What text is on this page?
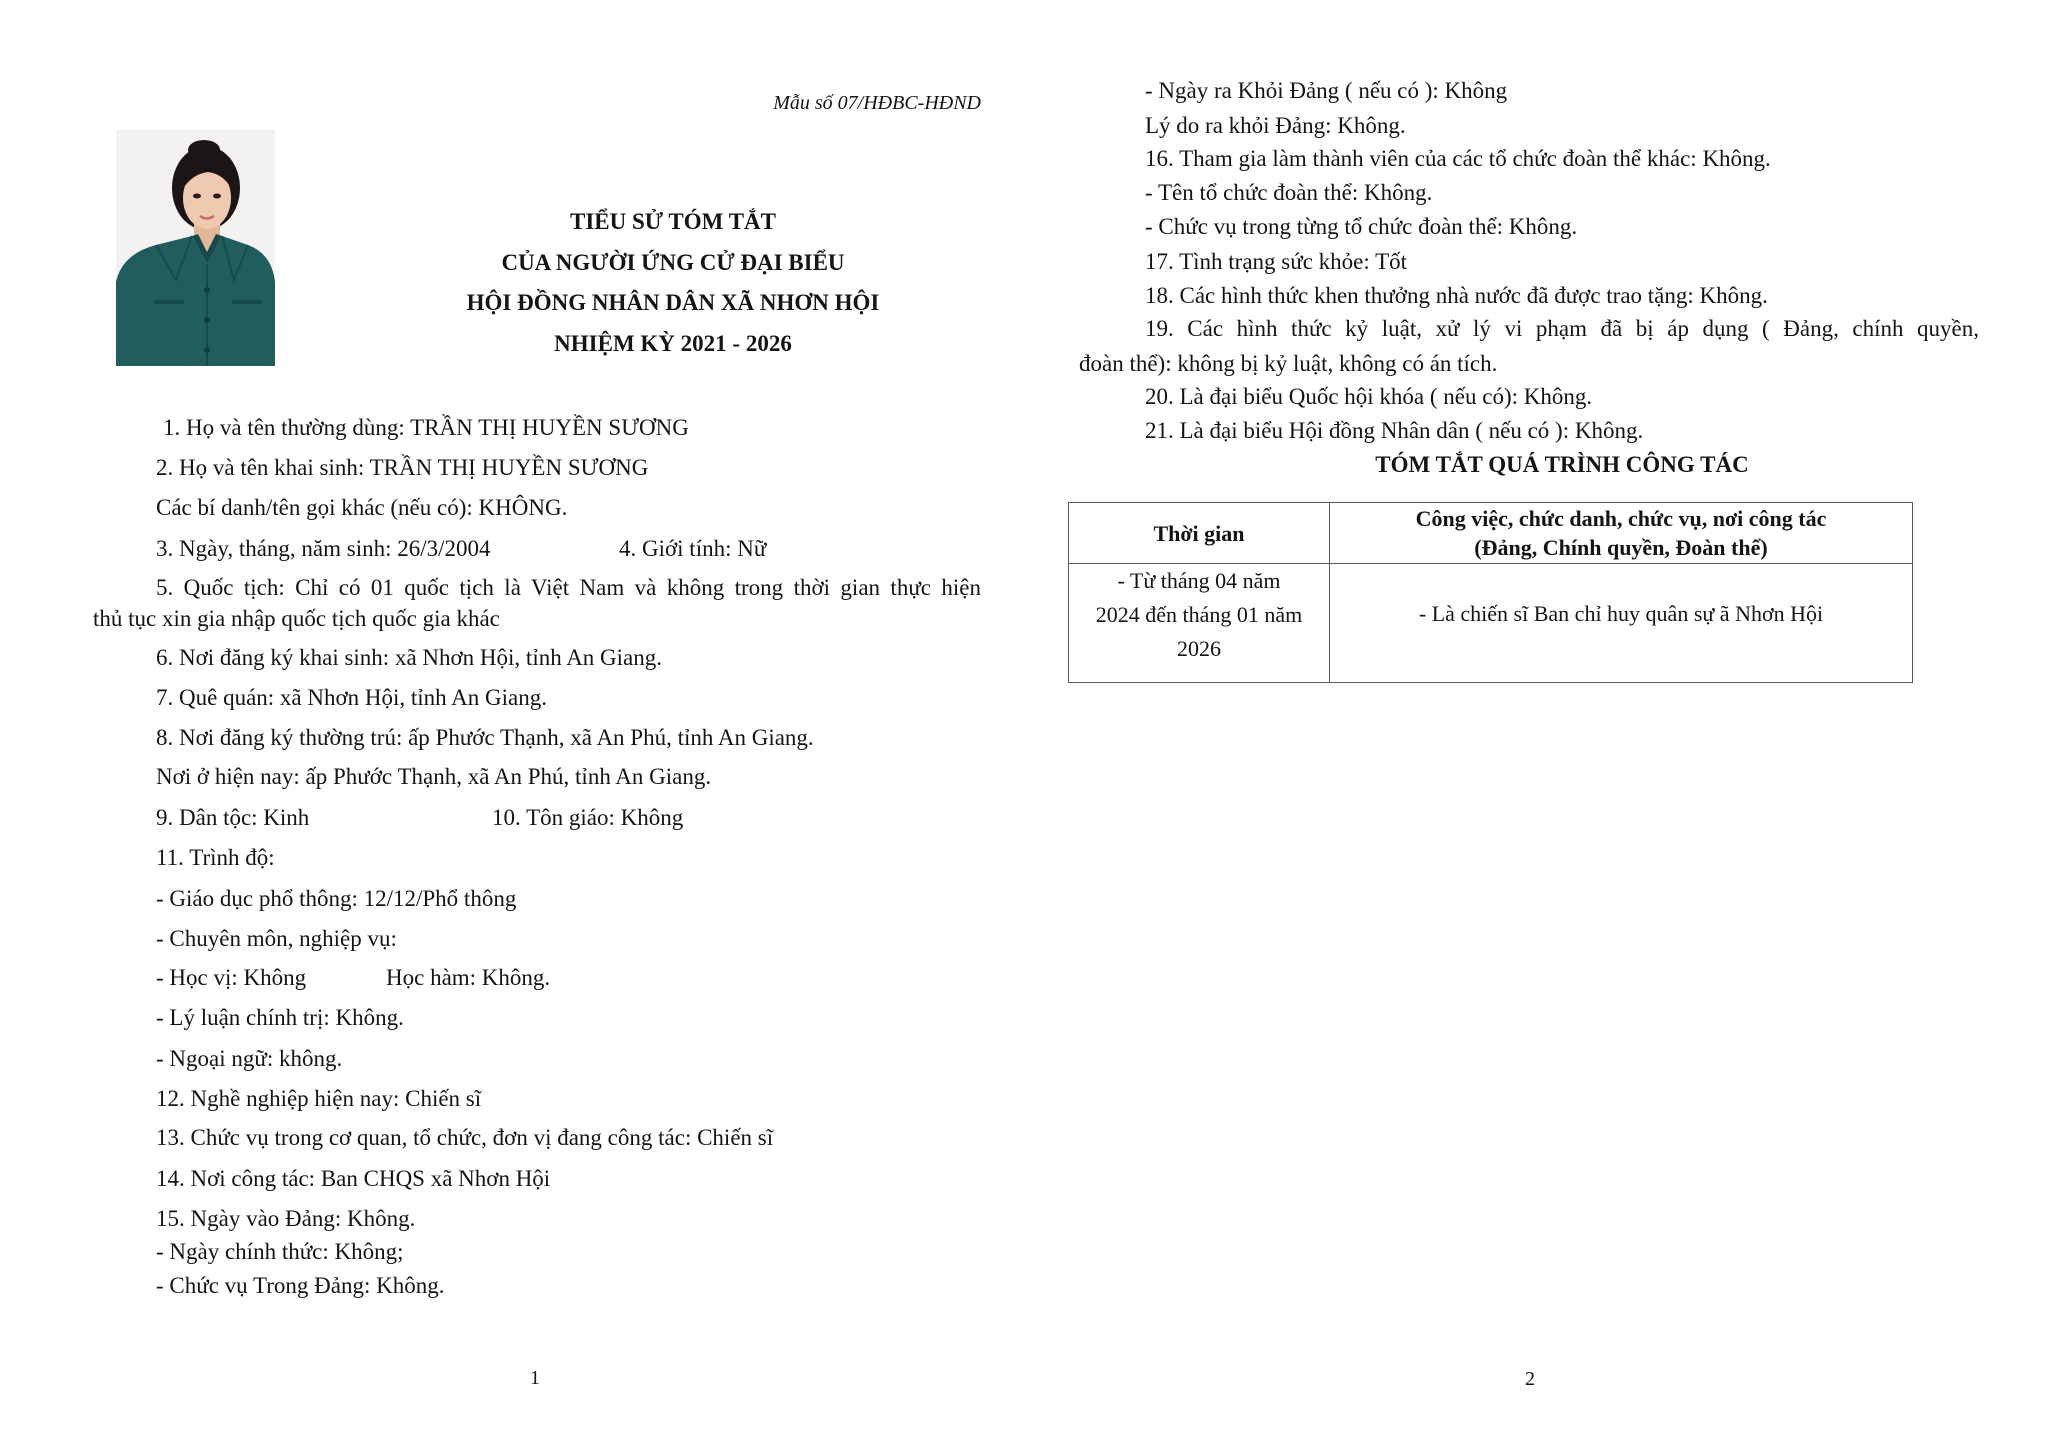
Mẫu số 07/HĐBC-HĐND
TIỂU SỬ TÓM TẮT
CỦA NGƯỜI ỨNG CỬ ĐẠI BIỂU
HỘI ĐỒNG NHÂN DÂN XÃ NHƠN HỘI
NHIỆM KỲ 2021 - 2026
1. Họ và tên thường dùng: TRẦN THỊ HUYỀN SƯƠNG
2. Họ và tên khai sinh: TRẦN THỊ HUYỀN SƯƠNG
Các bí danh/tên gọi khác (nếu có): KHÔNG.
3. Ngày, tháng, năm sinh: 26/3/2004	4. Giới tính: Nữ
5. Quốc tịch: Chỉ có 01 quốc tịch là Việt Nam và không trong thời gian thực hiện
thủ tục xin gia nhập quốc tịch quốc gia khác
6. Nơi đăng ký khai sinh: xã Nhơn Hội, tỉnh An Giang.
7. Quê quán: xã Nhơn Hội, tỉnh An Giang.
8. Nơi đăng ký thường trú: ấp Phước Thạnh, xã An Phú, tỉnh An Giang.
Nơi ở hiện nay: ấp Phước Thạnh, xã An Phú, tỉnh An Giang.
9. Dân tộc: Kinh	10. Tôn giáo: Không
11. Trình độ:
- Giáo dục phổ thông: 12/12/Phổ thông
- Chuyên môn, nghiệp vụ:
- Học vị: Không	Học hàm: Không.
- Lý luận chính trị: Không.
- Ngoại ngữ: không.
12. Nghề nghiệp hiện nay: Chiến sĩ
13. Chức vụ trong cơ quan, tổ chức, đơn vị đang công tác: Chiến sĩ
14. Nơi công tác: Ban CHQS xã Nhơn Hội
15. Ngày vào Đảng: Không.
- Ngày chính thức: Không;
- Chức vụ Trong Đảng: Không.
1
- Ngày ra Khỏi Đảng ( nếu có ): Không
Lý do ra khỏi Đảng: Không.
16. Tham gia làm thành viên của các tổ chức đoàn thể khác: Không.
- Tên tổ chức đoàn thể: Không.
- Chức vụ trong từng tổ chức đoàn thể: Không.
17. Tình trạng sức khỏe: Tốt
18. Các hình thức khen thưởng nhà nước đã được trao tặng: Không.
19. Các hình thức kỷ luật, xử lý vi phạm đã bị áp dụng ( Đảng, chính quyền,
đoàn thể): không bị kỷ luật, không có án tích.
20. Là đại biểu Quốc hội khóa ( nếu có): Không.
21. Là đại biểu Hội đồng Nhân dân ( nếu có ): Không.
TÓM TẮT QUÁ TRÌNH CÔNG TÁC
Thời gian	Công việc, chức danh, chức vụ, nơi công tác
(Đảng, Chính quyền, Đoàn thể)

- Từ tháng 04 năm 2024 đến tháng 01 năm 2026	- Là chiến sĩ Ban chỉ huy quân sự ã Nhơn Hội
2
